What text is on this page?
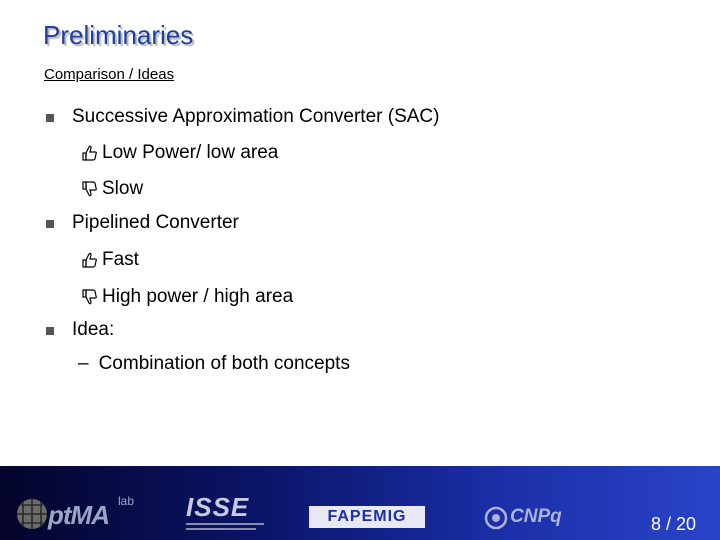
Preliminaries
Comparison / Ideas
Successive Approximation Converter (SAC)
Low Power/ low area
Slow
Pipelined Converter
Fast
High power / high area
Idea:
– Combination of both concepts
ptMA lab ISSE	FAPEMIG	CNPq	8 / 20
